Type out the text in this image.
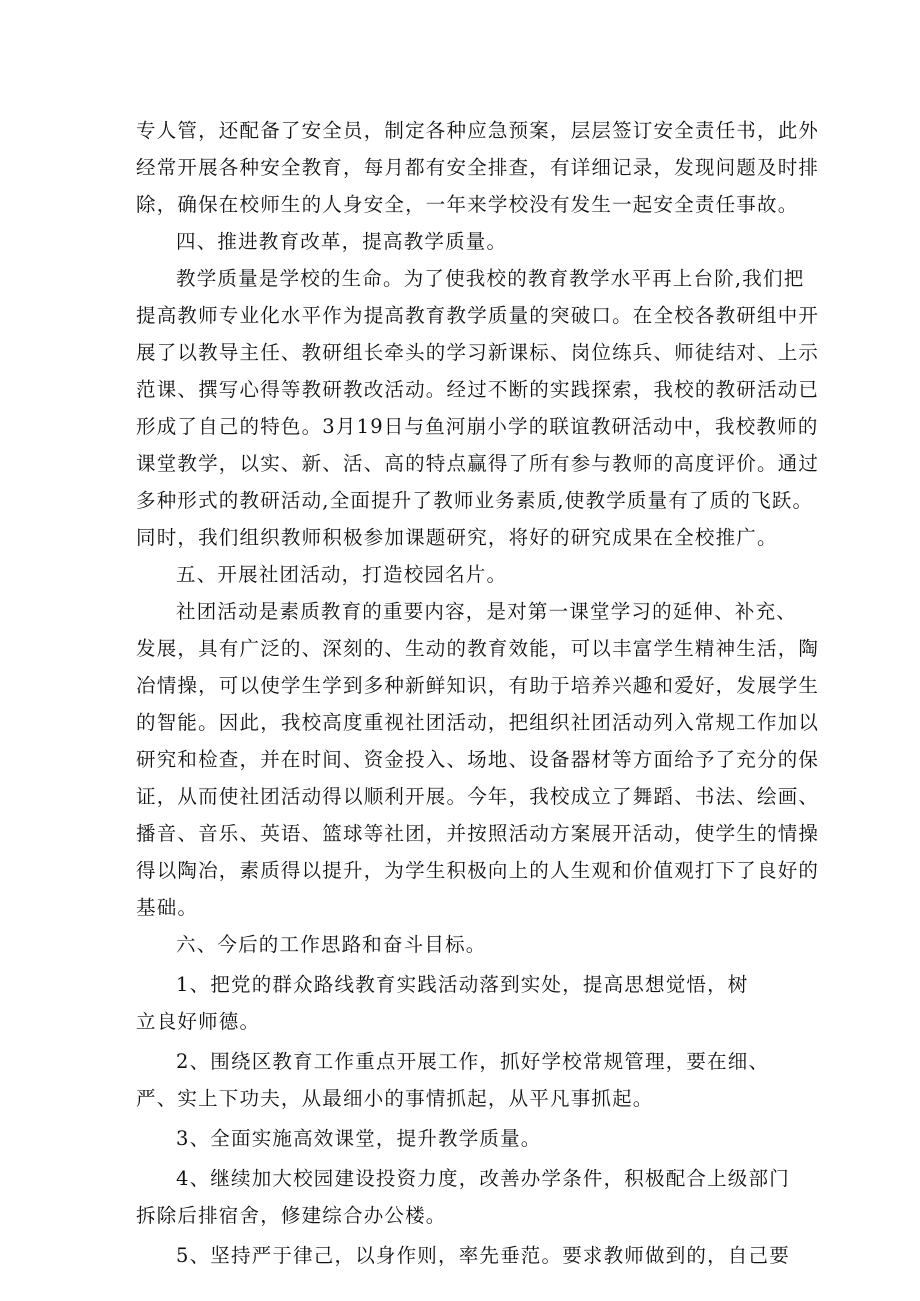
专人管，还配备了安全员，制定各种应急预案，层层签订安全责任书，此外
经常开展各种安全教育，每月都有安全排查，有详细记录，发现问题及时排
除，确保在校师生的人身安全，一年来学校没有发生一起安全责任事故。
四、推进教育改革，提高教学质量。
教学质量是学校的生命。为了使我校的教育教学水平再上台阶,我们把
提高教师专业化水平作为提高教育教学质量的突破口。在全校各教研组中开
展了以教导主任、教研组长牵头的学习新课标、岗位练兵、师徒结对、上示
范课、撰写心得等教研教改活动。经过不断的实践探索，我校的教研活动已
形成了自己的特色。3月19日与鱼河崩小学的联谊教研活动中，我校教师的
课堂教学，以实、新、活、高的特点赢得了所有参与教师的高度评价。通过
多种形式的教研活动,全面提升了教师业务素质,使教学质量有了质的飞跃。
同时，我们组织教师积极参加课题研究，将好的研究成果在全校推广。
五、开展社团活动，打造校园名片。
社团活动是素质教育的重要内容，是对第一课堂学习的延伸、补充、
发展，具有广泛的、深刻的、生动的教育效能，可以丰富学生精神生活，陶
冶情操，可以使学生学到多种新鲜知识，有助于培养兴趣和爱好，发展学生
的智能。因此，我校高度重视社团活动，把组织社团活动列入常规工作加以
研究和检查，并在时间、资金投入、场地、设备器材等方面给予了充分的保
证，从而使社团活动得以顺利开展。今年，我校成立了舞蹈、书法、绘画、
播音、音乐、英语、篮球等社团，并按照活动方案展开活动，使学生的情操
得以陶冶，素质得以提升，为学生积极向上的人生观和价值观打下了良好的
基础。
六、今后的工作思路和奋斗目标。
1、把党的群众路线教育实践活动落到实处，提高思想觉悟，树
立良好师德。
2、围绕区教育工作重点开展工作，抓好学校常规管理，要在细、
严、实上下功夫，从最细小的事情抓起，从平凡事抓起。
3、全面实施高效课堂，提升教学质量。
4、继续加大校园建设投资力度，改善办学条件，积极配合上级部门
拆除后排宿舍，修建综合办公楼。
5、坚持严于律己，以身作则，率先垂范。要求教师做到的，自己要
